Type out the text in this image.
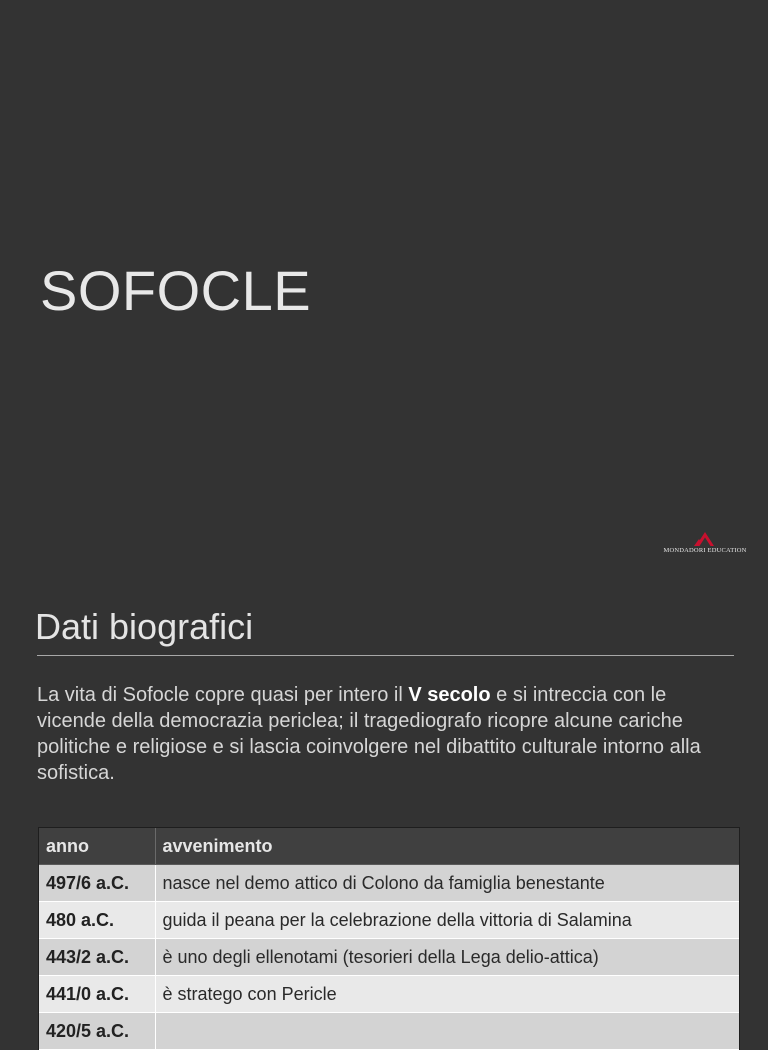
SOFOCLE
MONDADORI EDUCATION
Dati biografici

La vita di Sofocle copre quasi per intero il V secolo e si intreccia con le vicende della democrazia periclea; il tragediografo ricopre alcune cariche politiche e religiose e si lascia coinvolgere nel dibattito culturale intorno alla sofistica.

anno	avvenimento
497/6 a.C.	nasce nel demo attico di Colono da famiglia benestante
480 a.C.	guida il peana per la celebrazione della vittoria di Salamina
443/2 a.C.	è uno degli ellenotami (tesorieri della Lega delio-attica)
441/0 a.C.	è stratego con Pericle
420/5 a.C.	
